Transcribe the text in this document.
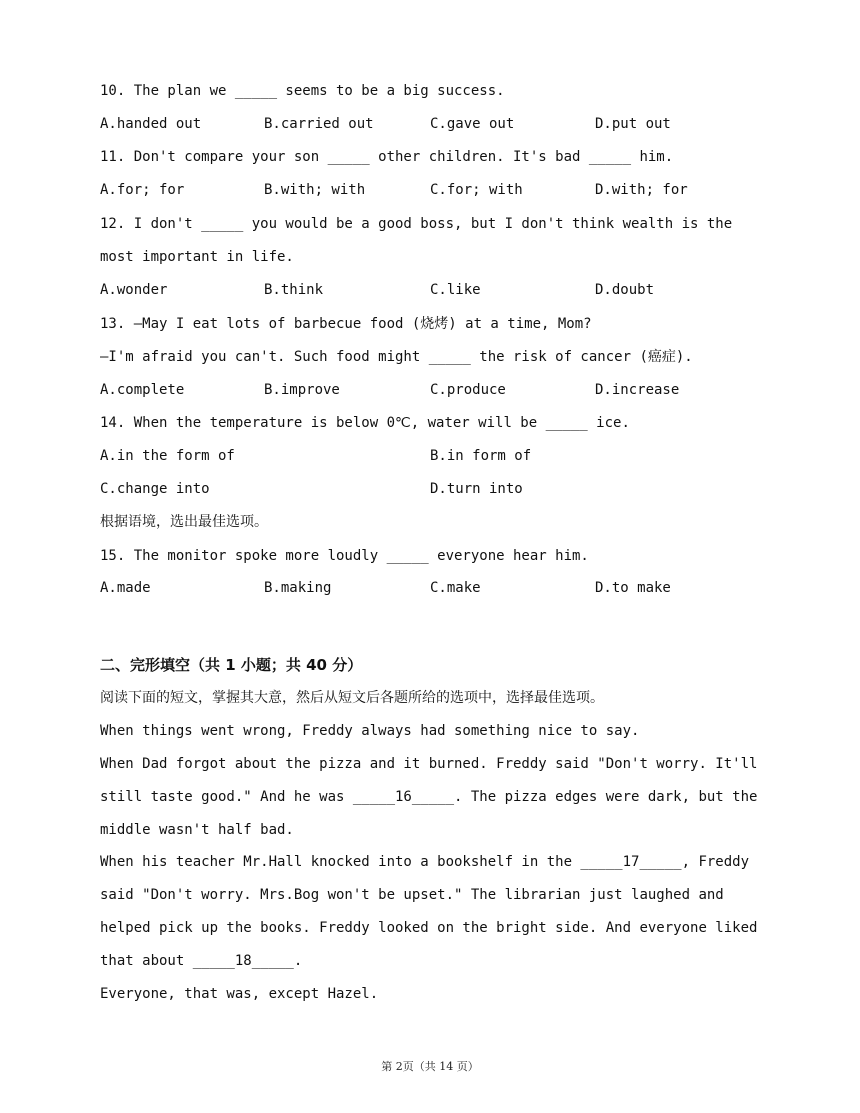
10. The plan we _____ seems to be a big success.
A.handed out	B.carried out	C.gave out	D.put out
11. Don't compare your son _____ other children. It's bad _____ him.
A.for; for	B.with; with	C.for; with	D.with; for
12. I don't _____ you would be a good boss, but I don't think wealth is the
most important in life.
A.wonder	B.think	C.like	D.doubt
13. —May I eat lots of barbecue food (烧烤) at a time, Mom?
—I'm afraid you can't. Such food might _____ the risk of cancer (癌症).
A.complete	B.improve	C.produce	D.increase
14. When the temperature is below 0℃, water will be _____ ice.
A.in the form of	B.in form of
C.change into	D.turn into
根据语境，选出最佳选项。
15. The monitor spoke more loudly _____ everyone hear him.
A.made	B.making	C.make	D.to make
二、完形填空（共 1 小题；共 40 分）
阅读下面的短文，掌握其大意，然后从短文后各题所给的选项中，选择最佳选项。
When things went wrong, Freddy always had something nice to say.
When Dad forgot about the pizza and it burned. Freddy said "Don't worry. It'll
still taste good." And he was _____16_____. The pizza edges were dark, but the
middle wasn't half bad.
When his teacher Mr.Hall knocked into a bookshelf in the _____17_____, Freddy
said "Don't worry. Mrs.Bog won't be upset." The librarian just laughed and
helped pick up the books. Freddy looked on the bright side. And everyone liked
that about _____18_____.
Everyone, that was, except Hazel.
第 2页（共 14 页）
